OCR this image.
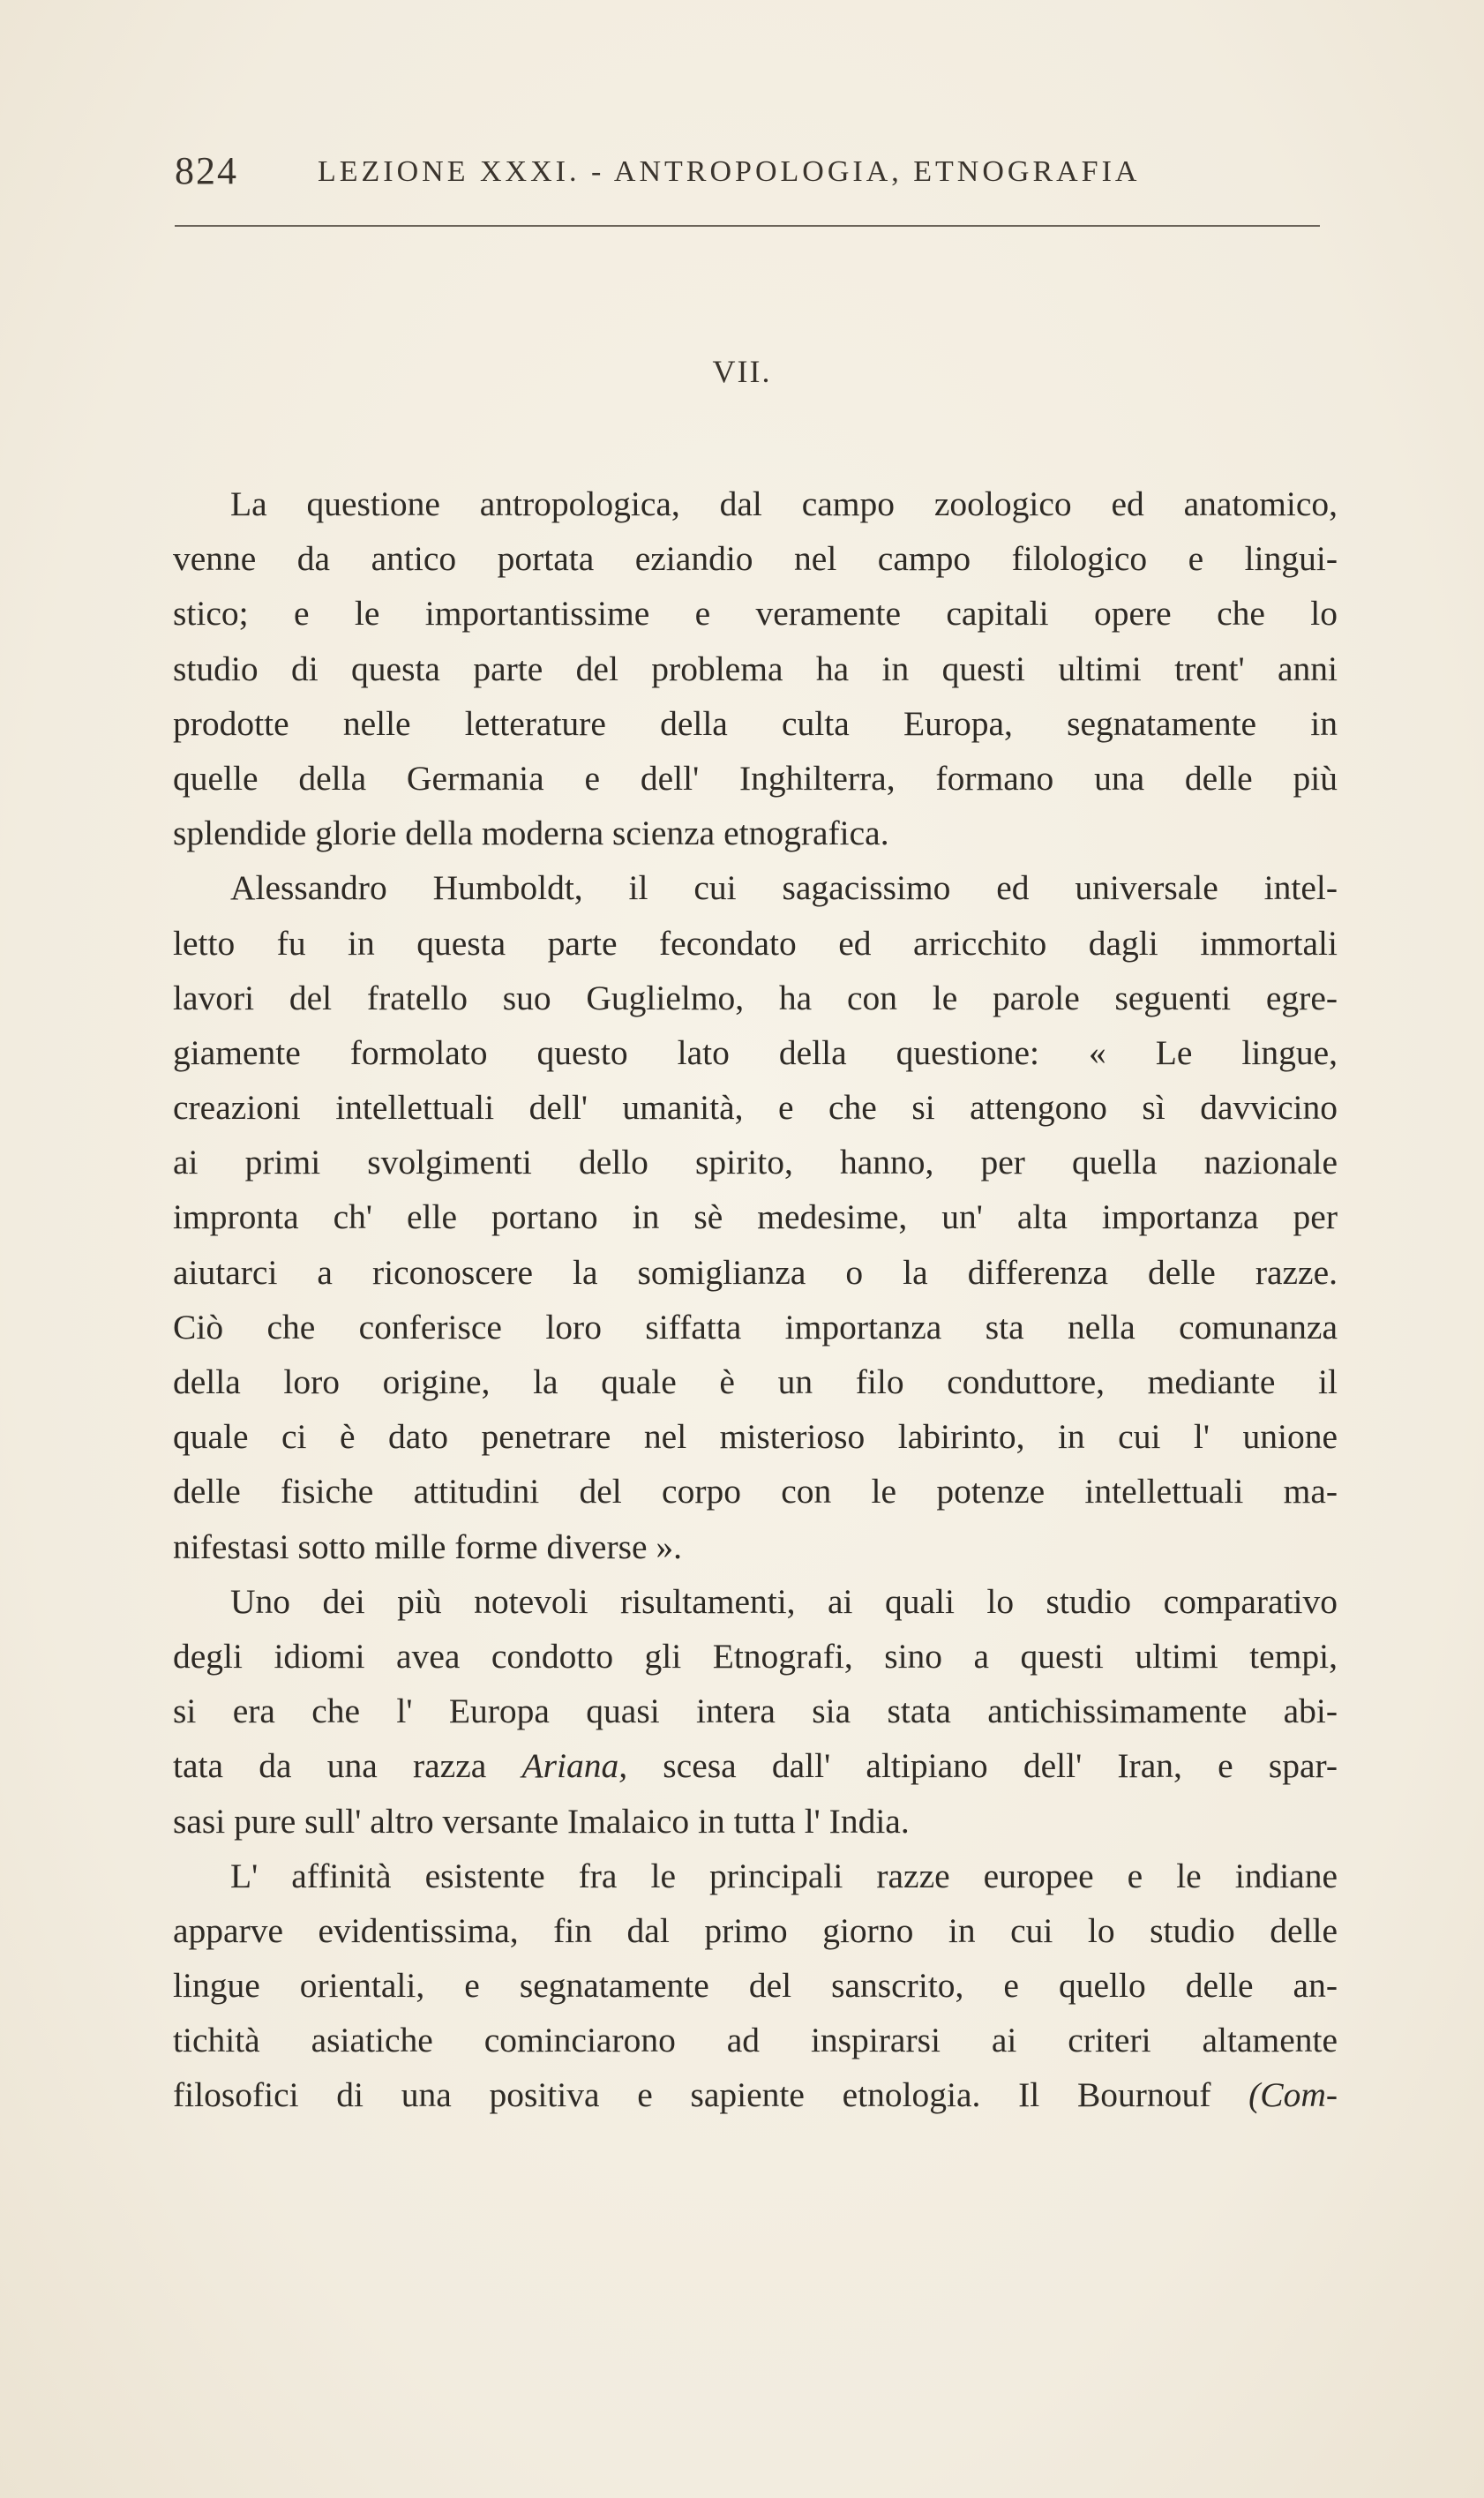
824	LEZIONE XXXI. - ANTROPOLOGIA, ETNOGRAFIA
VII.
La questione antropologica, dal campo zoologico ed anatomico,
venne da antico portata eziandio nel campo filologico e lingui-
stico; e le importantissime e veramente capitali opere che lo
studio di questa parte del problema ha in questi ultimi trent' anni
prodotte nelle letterature della culta Europa, segnatamente in
quelle della Germania e dell' Inghilterra, formano una delle più
splendide glorie della moderna scienza etnografica.
Alessandro Humboldt, il cui sagacissimo ed universale intel-
letto fu in questa parte fecondato ed arricchito dagli immortali
lavori del fratello suo Guglielmo, ha con le parole seguenti egre-
giamente formolato questo lato della questione: « Le lingue,
creazioni intellettuali dell' umanità, e che si attengono sì davvicino
ai primi svolgimenti dello spirito, hanno, per quella nazionale
impronta ch' elle portano in sè medesime, un' alta importanza per
aiutarci a riconoscere la somiglianza o la differenza delle razze.
Ciò che conferisce loro siffatta importanza sta nella comunanza
della loro origine, la quale è un filo conduttore, mediante il
quale ci è dato penetrare nel misterioso labirinto, in cui l' unione
delle fisiche attitudini del corpo con le potenze intellettuali ma-
nifestasi sotto mille forme diverse ».
Uno dei più notevoli risultamenti, ai quali lo studio comparativo
degli idiomi avea condotto gli Etnografi, sino a questi ultimi tempi,
si era che l' Europa quasi intera sia stata antichissimamente abi-
tata da una razza Ariana, scesa dall' altipiano dell' Iran, e spar-
sasi pure sull' altro versante Imalaico in tutta l' India.
L' affinità esistente fra le principali razze europee e le indiane
apparve evidentissima, fin dal primo giorno in cui lo studio delle
lingue orientali, e segnatamente del sanscrito, e quello delle an-
tichità asiatiche cominciarono ad inspirarsi ai criteri altamente
filosofici di una positiva e sapiente etnologia. Il Bournouf (Com-
